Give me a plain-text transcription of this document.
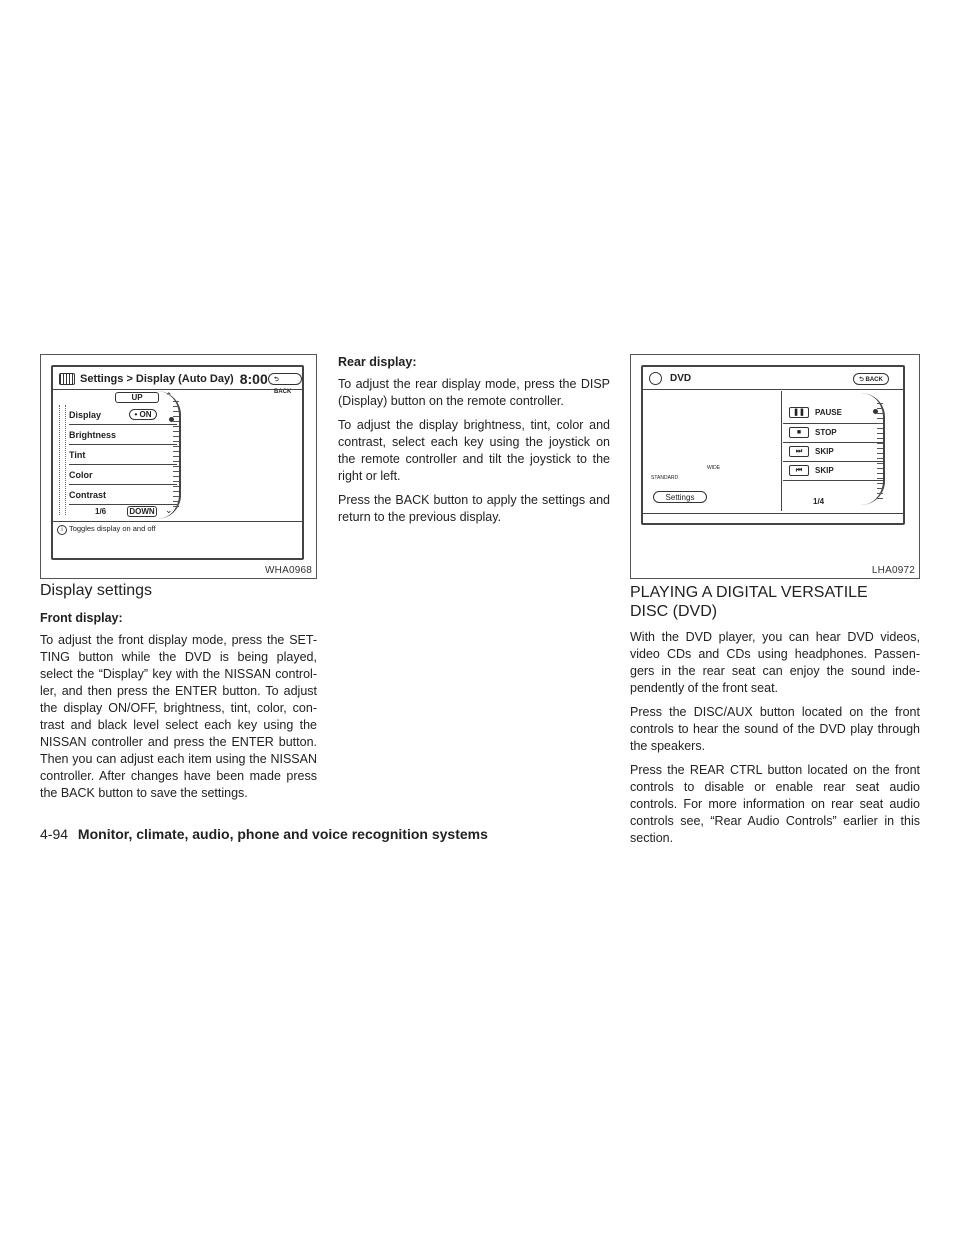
Settings > Display (Auto Day) 8:00	⮌ BACK
UP	⌃
Display	• ON
Brightness
Tint
Color
Contrast
1/6	DOWN ⌄
i Toggles display on and off
WHA0968
DVD	⮌ BACK
WIDE
STANDARD
Settings
❚❚	PAUSE
■	STOP
⏭	SKIP
⏮	SKIP
1/4
LHA0972
Display settings
Front display:

To adjust the front display mode, press the SET-TING button while the DVD is being played, select the “Display” key with the NISSAN control-ler, and then press the ENTER button. To adjust the display ON/OFF, brightness, tint, color, con-trast and black level select each key using the NISSAN controller and press the ENTER button. Then you can adjust each item using the NISSAN controller. After changes have been made press the BACK button to save the settings.

Rear display:

To adjust the rear display mode, press the DISP (Display) button on the remote controller.

To adjust the display brightness, tint, color and contrast, select each key using the joystick on the remote controller and tilt the joystick to the right or left.

Press the BACK button to apply the settings and return to the previous display.

PLAYING A DIGITAL VERSATILE
DISC (DVD)

With the DVD player, you can hear DVD videos, video CDs and CDs using headphones. Passen-gers in the rear seat can enjoy the sound inde-pendently of the front seat.

Press the DISC/AUX button located on the front controls to hear the sound of the DVD play through the speakers.

Press the REAR CTRL button located on the front controls to disable or enable rear seat audio controls. For more information on rear seat audio controls see, “Rear Audio Controls” earlier in this section.

4-94 Monitor, climate, audio, phone and voice recognition systems
